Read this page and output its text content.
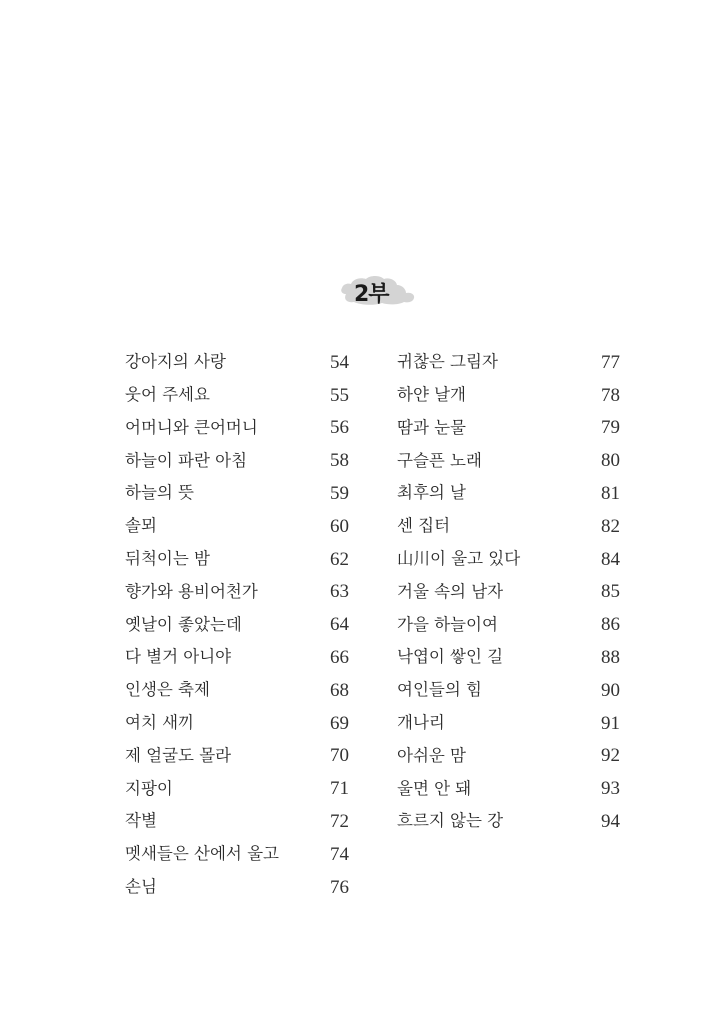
2부
강아지의 사랑	54
웃어 주세요	55
어머니와 큰어머니	56
하늘이 파란 아침	58
하늘의 뜻	59
솔뫼	60
뒤척이는 밤	62
향가와 용비어천가	63
옛날이 좋았는데	64
다 별거 아니야	66
인생은 축제	68
여치 새끼	69
제 얼굴도 몰라	70
지팡이	71
작별	72
멧새들은 산에서 울고	74
손님	76
귀찮은 그림자	77
하얀 날개	78
땀과 눈물	79
구슬픈 노래	80
최후의 날	81
센 집터	82
山川이 울고 있다	84
거울 속의 남자	85
가을 하늘이여	86
낙엽이 쌓인 길	88
여인들의 힘	90
개나리	91
아쉬운 맘	92
울면 안 돼	93
흐르지 않는 강	94
